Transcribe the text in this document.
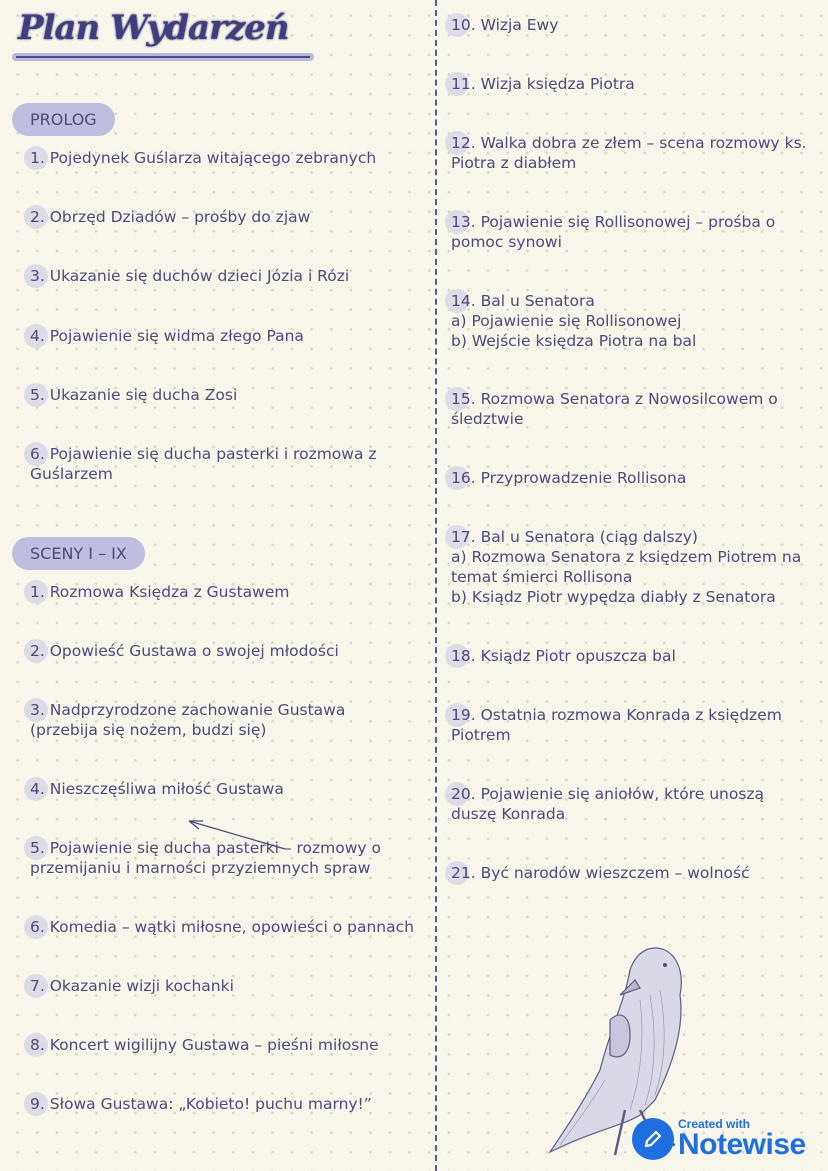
Plan Wydarzeń
PROLOG
SCENY I – IX
1. Pojedynek Guślarza witającego zebranych
2. Obrzęd Dziadów – prośby do zjaw
3. Ukazanie się duchów dzieci Józia i Rózi
4. Pojawienie się widma złego Pana
5. Ukazanie się ducha Zosi
6. Pojawienie się ducha pasterki i rozmowa z
Guślarzem
1. Rozmowa Księdza z Gustawem
2. Opowieść Gustawa o swojej młodości
3. Nadprzyrodzone zachowanie Gustawa
(przebija się nożem, budzi się)
4. Nieszczęśliwa miłość Gustawa
5. Pojawienie się ducha pasterki – rozmowy o
przemijaniu i marności przyziemnych spraw
6. Komedia – wątki miłosne, opowieści o pannach
7. Okazanie wizji kochanki
8. Koncert wigilijny Gustawa – pieśni miłosne
9. Słowa Gustawa: „Kobieto! puchu marny!”
10. Wizja Ewy
11. Wizja księdza Piotra
12. Walka dobra ze złem – scena rozmowy ks.
Piotra z diabłem
13. Pojawienie się Rollisonowej – prośba o
pomoc synowi
14. Bal u Senatora
a) Pojawienie się Rollisonowej
b) Wejście księdza Piotra na bal
15. Rozmowa Senatora z Nowosilcowem o
śledztwie
16. Przyprowadzenie Rollisona
17. Bal u Senatora (ciąg dalszy)
a) Rozmowa Senatora z księdzem Piotrem na
temat śmierci Rollisona
b) Ksiądz Piotr wypędza diabły z Senatora
18. Ksiądz Piotr opuszcza bal
19. Ostatnia rozmowa Konrada z księdzem
Piotrem
20. Pojawienie się aniołów, które unoszą
duszę Konrada
21. Być narodów wieszczem – wolność
Created with
Notewise
